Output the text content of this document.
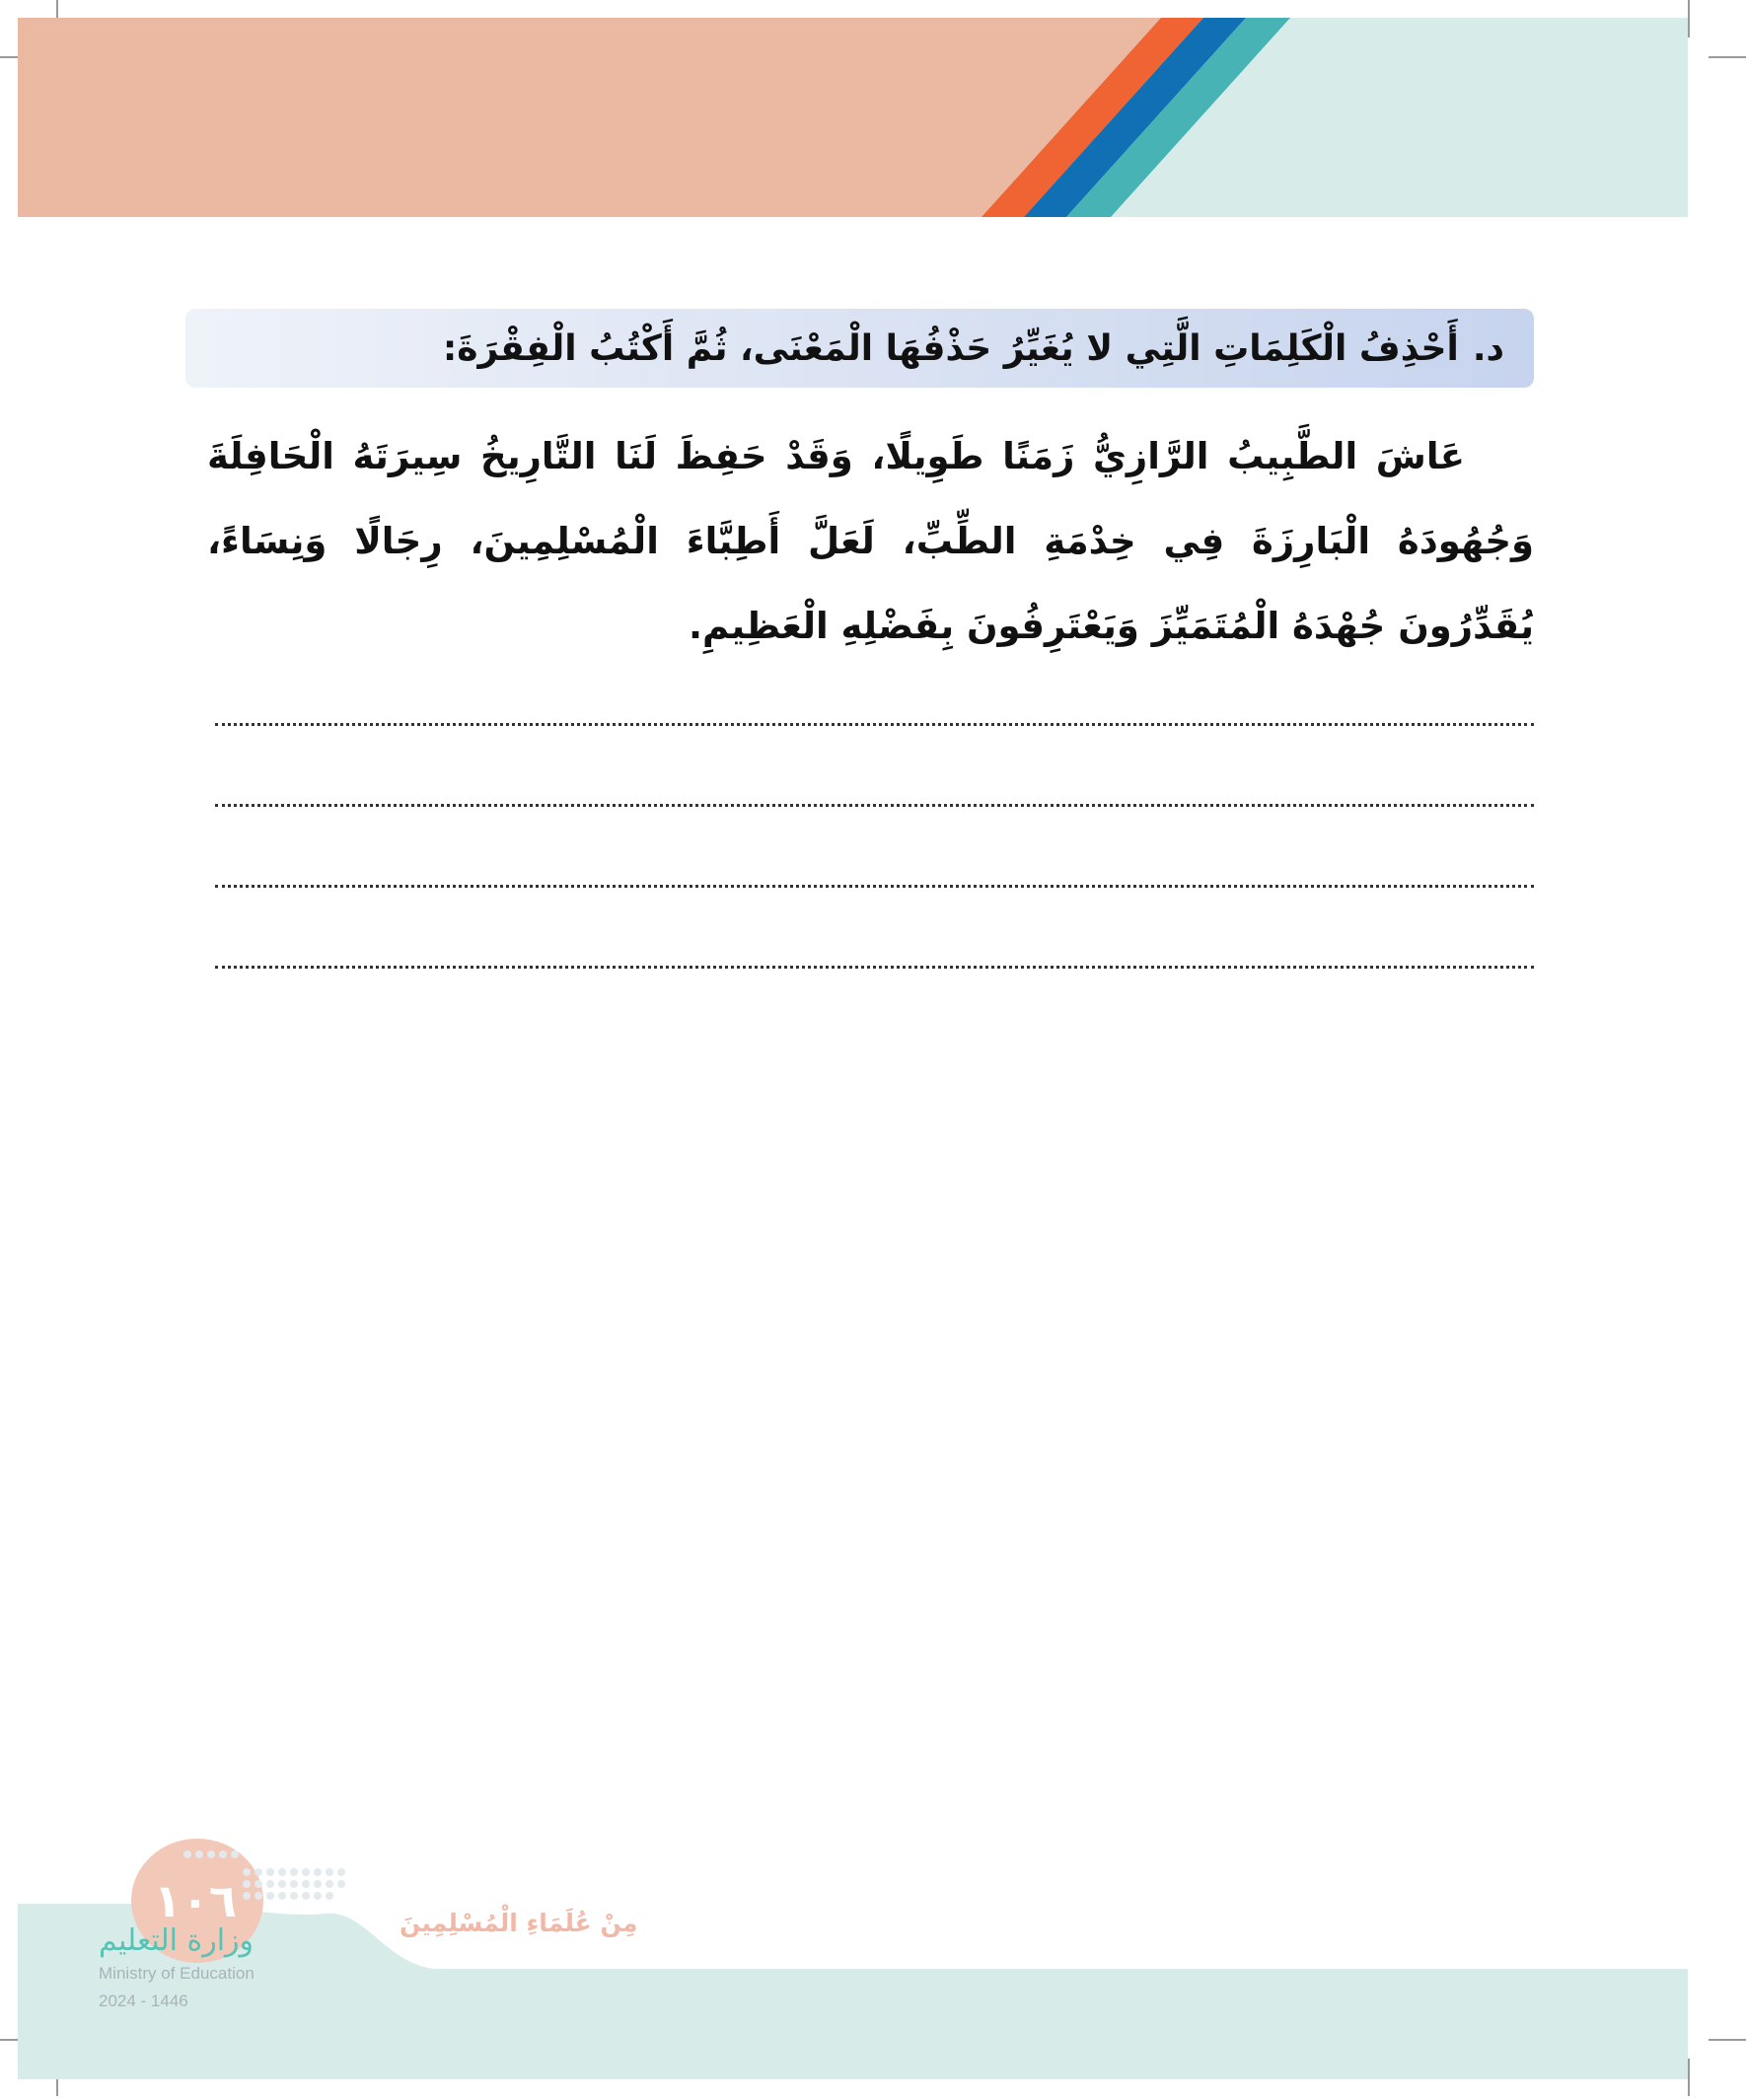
د.أَحْذِفُ الْكَلِمَاتِ الَّتِي لا يُغَيِّرُ حَذْفُهَا الْمَعْنَى، ثُمَّ أَكْتُبُ الْفِقْرَةَ:

عَاشَ الطَّبِيبُ الرَّازِيُّ زَمَنًا طَوِيلًا، وَقَدْ حَفِظَ لَنَا التَّارِيخُ سِيرَتَهُ الْحَافِلَةَ وَجُهُودَهُ الْبَارِزَةَ فِي خِدْمَةِ الطِّبِّ، لَعَلَّ أَطِبَّاءَ الْمُسْلِمِينَ، رِجَالًا وَنِسَاءً، يُقَدِّرُونَ جُهْدَهُ الْمُتَمَيِّزَ وَيَعْتَرِفُونَ بِفَضْلِهِ الْعَظِيمِ.

١٠٦
وزارة التعليم
Ministry of Education
2024 - 1446
مِنْ عُلَمَاءِ الْمُسْلِمِينَ
